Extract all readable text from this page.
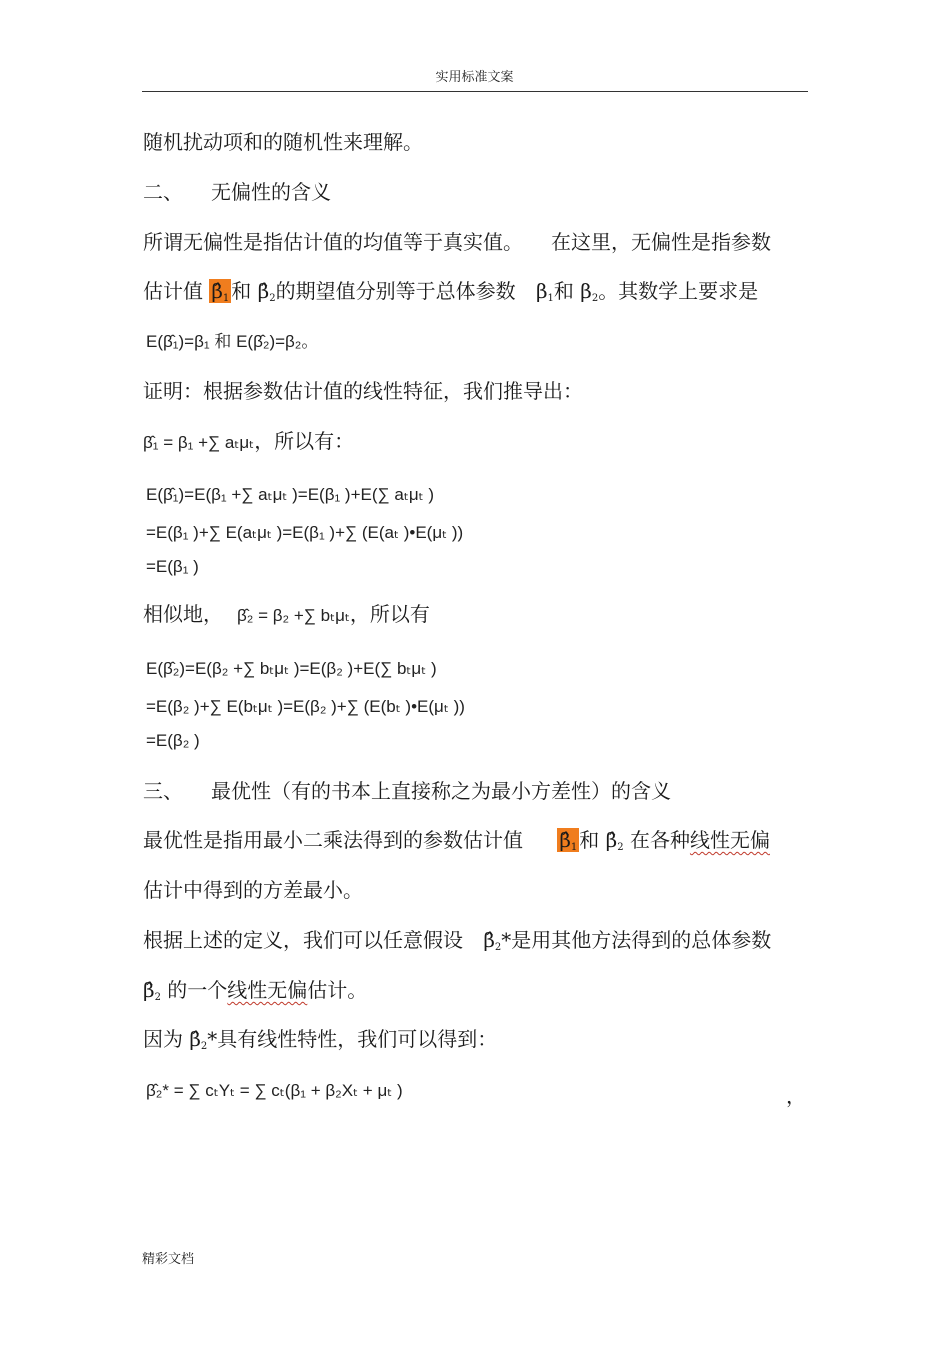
实用标准文案
随机扰动项和的随机性来理解。
二、 无偏性的含义
所谓无偏性是指估计值的均值等于真实值。 在这里，无偏性是指参数
估计值 $\betâ_1$ 和 $\betâ_2$的期望值分别等于总体参数 $\beta_1$和 $\beta_2$。其数学上要求是
E(β̂₁)=β₁ 和 E(β̂₂)=β₂。
证明：根据参数估计值的线性特征，我们推导出：
β̂₁ = β₁ +∑ aₜμₜ，所以有：
E(β̂₁)=E(β₁ +∑ aₜμₜ )=E(β₁ )+E(∑ aₜμₜ )
=E(β₁ )+∑ E(aₜμₜ )=E(β₁ )+∑ (E(aₜ )•E(μₜ ))
=E(β₁ )
相似地， β̂₂ = β₂ +∑ bₜμₜ，所以有
E(β̂₂)=E(β₂ +∑ bₜμₜ )=E(β₂ )+E(∑ bₜμₜ )
=E(β₂ )+∑ E(bₜμₜ )=E(β₂ )+∑ (E(bₜ )•E(μₜ ))
=E(β₂ )
三、 最优性（有的书本上直接称之为最小方差性）的含义
最优性是指用最小二乘法得到的参数估计值 $\betâ_1$ 和 $\betâ_2$ 在各种线性无偏
估计中得到的方差最小。
根据上述的定义，我们可以任意假设 $\betâ_2*$是用其他方法得到的总体参数
$\betâ_2$ 的一个线性无偏估计。
因为 $\betâ_2*$具有线性特性，我们可以得到：
β̂₂* = ∑ cₜYₜ = ∑ cₜ(β₁ + β₂Xₜ + μₜ )	，
精彩文档
